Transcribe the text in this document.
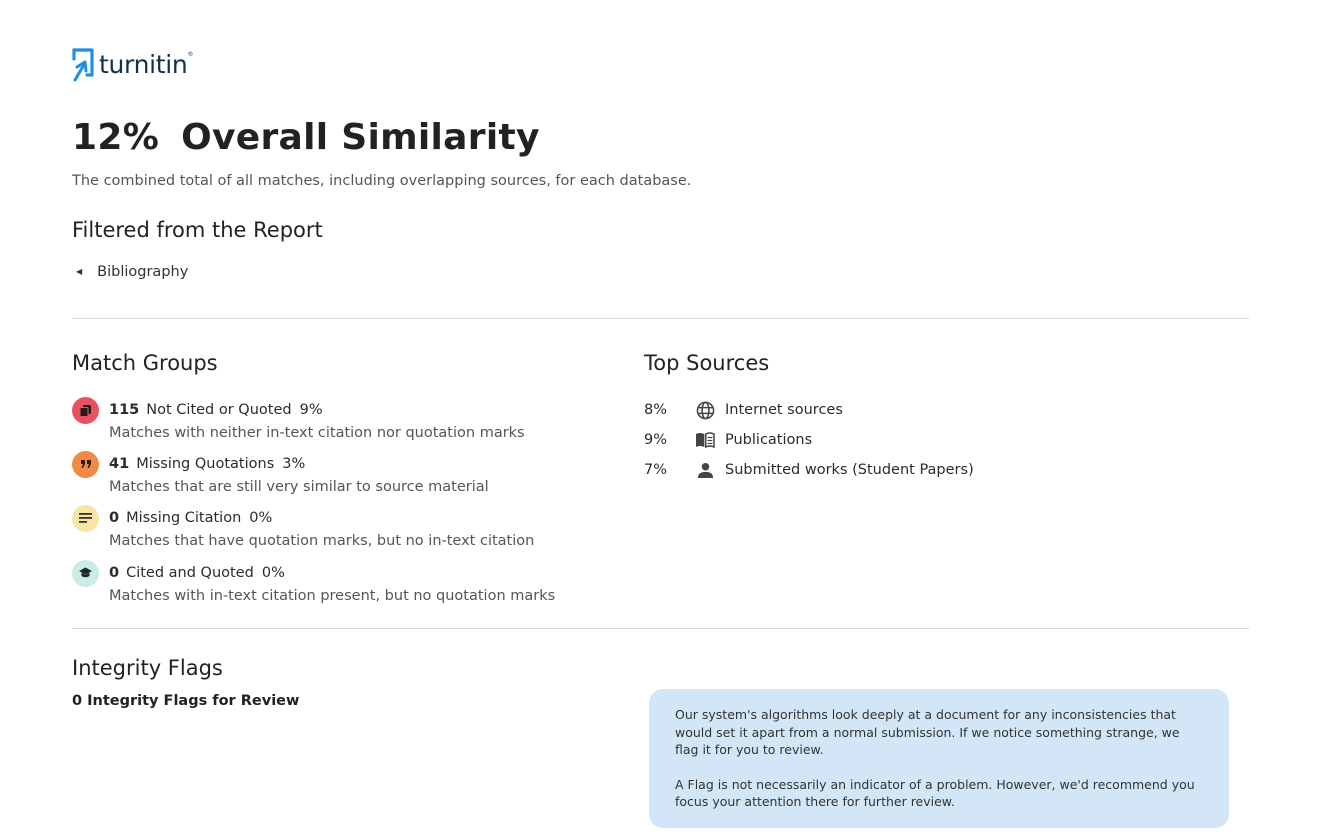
turnitin ®
12% Overall Similarity
The combined total of all matches, including overlapping sources, for each database.
Filtered from the Report
◀ Bibliography
Match Groups
115 Not Cited or Quoted 9%
Matches with neither in-text citation nor quotation marks
41 Missing Quotations 3%
Matches that are still very similar to source material
0 Missing Citation 0%
Matches that have quotation marks, but no in-text citation
0 Cited and Quoted 0%
Matches with in-text citation present, but no quotation marks
Top Sources
8%	Internet sources
9%	Publications
7%	Submitted works (Student Papers)
Integrity Flags
0 Integrity Flags for Review

Our system's algorithms look deeply at a document for any inconsistencies that would set it apart from a normal submission. If we notice something strange, we flag it for you to review.

A Flag is not necessarily an indicator of a problem. However, we'd recommend you focus your attention there for further review.
